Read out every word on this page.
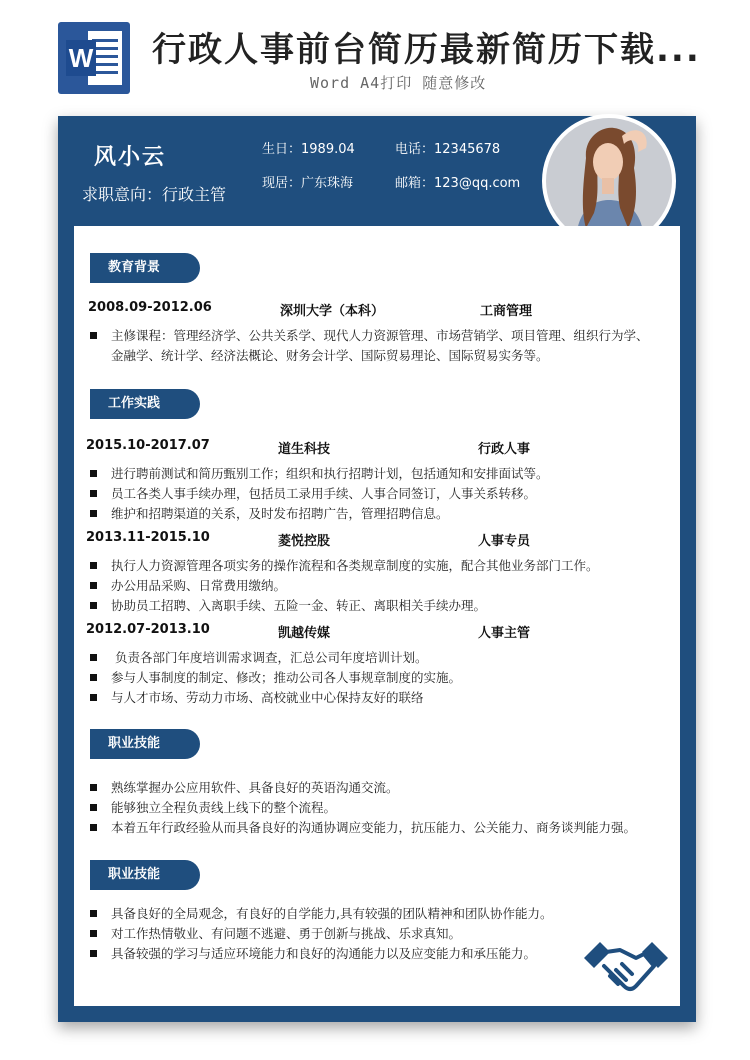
W 行政人事前台简历最新简历下载...
Word A4打印 随意修改
风小云
求职意向：行政主管
生日：1989.04	电话：12345678
现居：广东珠海	邮箱：123@qq.com
教育背景
2008.09-2012.06	深圳大学（本科）	工商管理
主修课程：管理经济学、公共关系学、现代人力资源管理、市场营销学、项目管理、组织行为学、金融学、统计学、经济法概论、财务会计学、国际贸易理论、国际贸易实务等。
工作实践
2015.10-2017.07	道生科技	行政人事
进行聘前测试和简历甄别工作；组织和执行招聘计划，包括通知和安排面试等。
员工各类人事手续办理，包括员工录用手续、人事合同签订，人事关系转移。
维护和招聘渠道的关系，及时发布招聘广告，管理招聘信息。
2013.11-2015.10	菱悦控股	人事专员
执行人力资源管理各项实务的操作流程和各类规章制度的实施，配合其他业务部门工作。
办公用品采购、日常费用缴纳。
协助员工招聘、入离职手续、五险一金、转正、离职相关手续办理。
2012.07-2013.10	凯越传媒	人事主管
负责各部门年度培训需求调查，汇总公司年度培训计划。
参与人事制度的制定、修改；推动公司各人事规章制度的实施。
与人才市场、劳动力市场、高校就业中心保持友好的联络
职业技能
熟练掌握办公应用软件、具备良好的英语沟通交流。
能够独立全程负责线上线下的整个流程。
本着五年行政经验从而具备良好的沟通协调应变能力，抗压能力、公关能力、商务谈判能力强。
职业技能
具备良好的全局观念，有良好的自学能力,具有较强的团队精神和团队协作能力。
对工作热情敬业、有问题不逃避、勇于创新与挑战、乐求真知。
具备较强的学习与适应环境能力和良好的沟通能力以及应变能力和承压能力。
